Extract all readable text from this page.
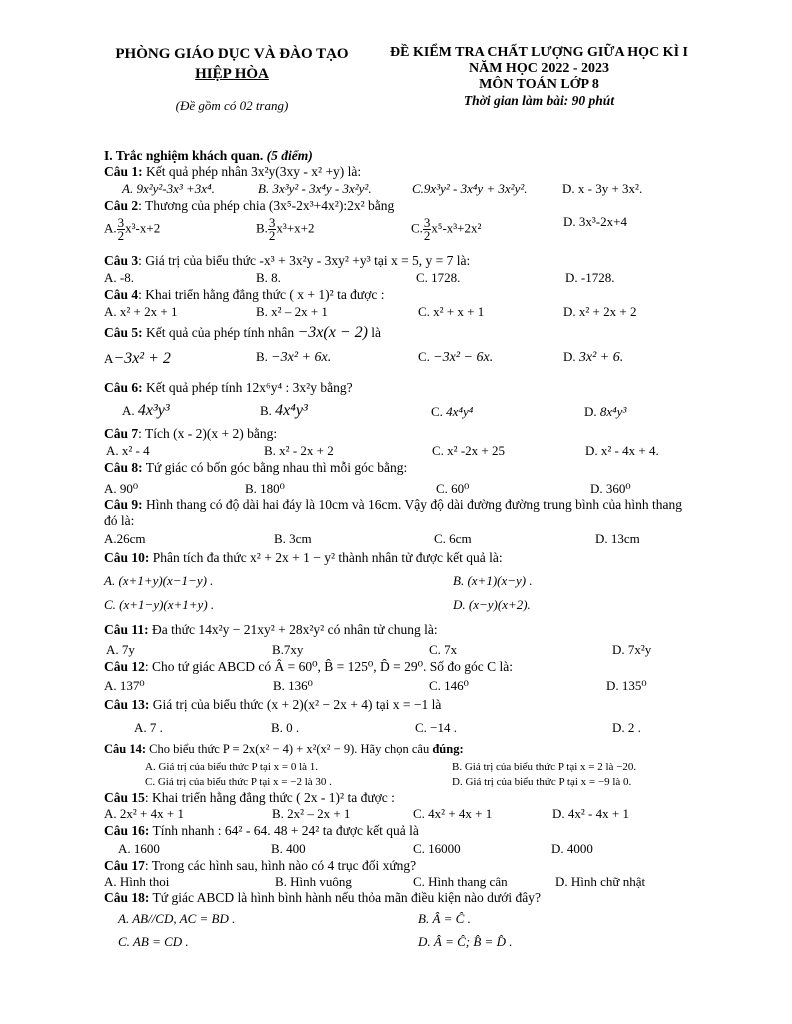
PHÒNG GIÁO DỤC VÀ ĐÀO TẠO
HIỆP HÒA
(Đề gồm có 02 trang)
ĐỀ KIỂM TRA CHẤT LƯỢNG GIỮA HỌC KÌ I
NĂM HỌC 2022 - 2023
MÔN TOÁN LỚP 8
Thời gian làm bài: 90 phút
I. Trắc nghiệm khách quan. (5 điểm)
Câu 1: Kết quả phép nhân 3x²y(3xy - x² +y) là:
A. 9x²y²-3x³ +3x⁴.	B. 3x³y² - 3x⁴y - 3x²y².	C.9x³y² - 3x⁴y + 3x²y².	D. x - 3y + 3x².
Câu 2: Thương của phép chia (3x⁵-2x³+4x²):2x² bằng
A. $\frac{3}{2} x^3-x+2$	B. $\frac{3}{2} x^3+x+2$	C. $\frac{3}{2} x^5-x^3+2x^2$	D. 3x³-2x+4
Câu 3: Giá trị của biểu thức -x³ + 3x²y - 3xy² +y³ tại x = 5, y = 7 là:
A. -8.	B. 8.	C. 1728.	D. -1728.
Câu 4: Khai triển hằng đẳng thức ( x + 1)² ta được :
A. x² + 2x + 1	B. x² – 2x + 1	C. x² + x + 1	D. x² + 2x + 2
Câu 5: Kết quả của phép tính nhân −3x(x − 2) là
A−3x² + 2	B. −3x² + 6x.	C. −3x² − 6x.	D. 3x² + 6.
Câu 6: Kết quả phép tính 12x⁶y⁴ : 3x²y bằng?
A. 4x³y³	B. 4x⁴y³	C. 4x⁴y⁴	D. 8x⁴y³
Câu 7: Tích (x - 2)(x + 2) bằng:
A. x² - 4	B. x² - 2x + 2	C. x² -2x + 25	D. x² - 4x + 4.
Câu 8: Tứ giác có bốn góc bằng nhau thì mỗi góc bằng:
A. 90⁰	B. 180⁰	C. 60⁰	D. 360⁰
Câu 9: Hình thang có độ dài hai đáy là 10cm và 16cm. Vậy độ dài đường đường trung bình của hình thang đó là:
A.26cm	B. 3cm	C. 6cm	D. 13cm
Câu 10: Phân tích đa thức x² + 2x + 1 − y² thành nhân tử được kết quả là:
A. (x+1+y)(x−1−y) .	B. (x+1)(x−y) .
C. (x+1−y)(x+1+y) .	D. (x−y)(x+2).
Câu 11: Đa thức 14x²y − 21xy² + 28x²y² có nhân tử chung là:
A. 7y	B.7xy	C. 7x	D. 7x²y
Câu 12: Cho tứ giác ABCD có Â = 60⁰, B̂ = 125⁰, D̂ = 29⁰. Số đo góc C là:
A. 137⁰	B. 136⁰	C. 146⁰	D. 135⁰
Câu 13: Giá trị của biểu thức (x + 2)(x² − 2x + 4) tại x = −1 là
A. 7 .	B. 0 .	C. −14 .	D. 2 .
Câu 14: Cho biểu thức P = 2x(x² − 4) + x²(x² − 9). Hãy chọn câu đúng:
A. Giá trị của biểu thức P tại x = 0 là 1.	B. Giá trị của biểu thức P tại x = 2 là −20.
C. Giá trị của biểu thức P tại x = −2 là 30 .	D. Giá trị của biểu thức P tại x = −9 là 0.
Câu 15: Khai triển hằng đẳng thức ( 2x - 1)² ta được :
A. 2x² + 4x + 1	B. 2x² – 2x + 1	C. 4x² + 4x + 1	D. 4x² - 4x + 1
Câu 16: Tính nhanh : 64² - 64. 48 + 24² ta được kết quả là
A. 1600	B. 400	C. 16000	D. 4000
Câu 17: Trong các hình sau, hình nào có 4 trục đối xứng?
A. Hình thoi	B. Hình vuông	C. Hình thang cân	D. Hình chữ nhật
Câu 18: Tứ giác ABCD là hình bình hành nếu thỏa mãn điều kiện nào dưới đây?
A. AB//CD, AC = BD .	B. Â = Ĉ .
C. AB = CD .	D. Â = Ĉ; B̂ = D̂ .
